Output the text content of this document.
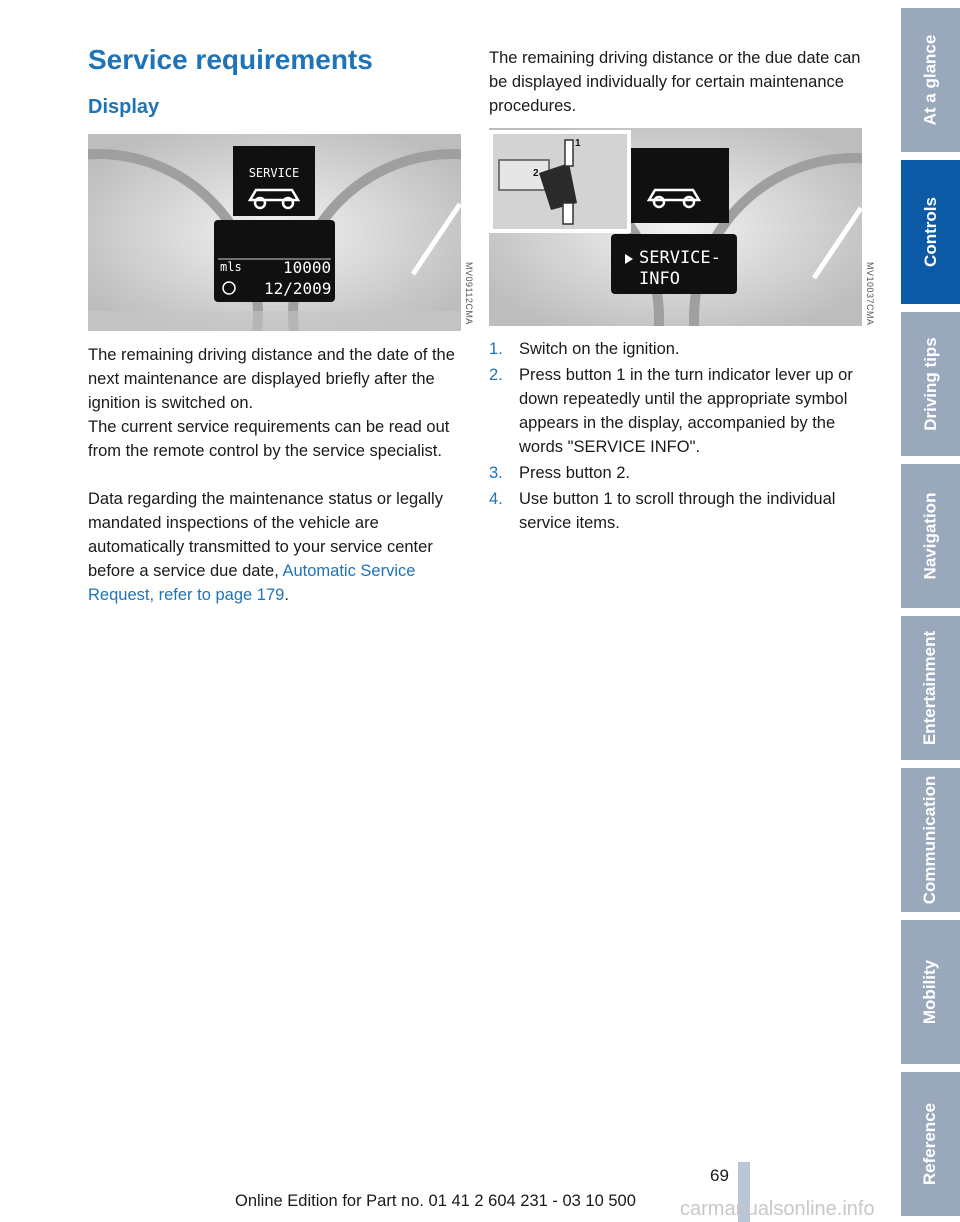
Service requirements
Display
SERVICE
mls	10000
12/2009	MV09112CMA
SERVICE-
INFO
1
2
MV10037CMA

The remaining driving distance and the date of the next maintenance are displayed briefly after the ignition is switched on.

The current service requirements can be read out from the remote control by the service specialist.

Data regarding the maintenance status or legally mandated inspections of the vehicle are automatically transmitted to your service center before a service due date, Automatic Service Request, refer to page 179.

The remaining driving distance or the due date can be displayed individually for certain maintenance procedures.

1. Switch on the ignition.
2. Press button 1 in the turn indicator lever up or down repeatedly until the appropriate symbol appears in the display, accompanied by the words "SERVICE INFO".
3. Press button 2.
4. Use button 1 to scroll through the individual service items.
At a glance
Controls
Driving tips
Navigation
Entertainment
Communication
Mobility
Reference
69
Online Edition for Part no. 01 41 2 604 231 - 03 10 500 carmanualsonline.info
